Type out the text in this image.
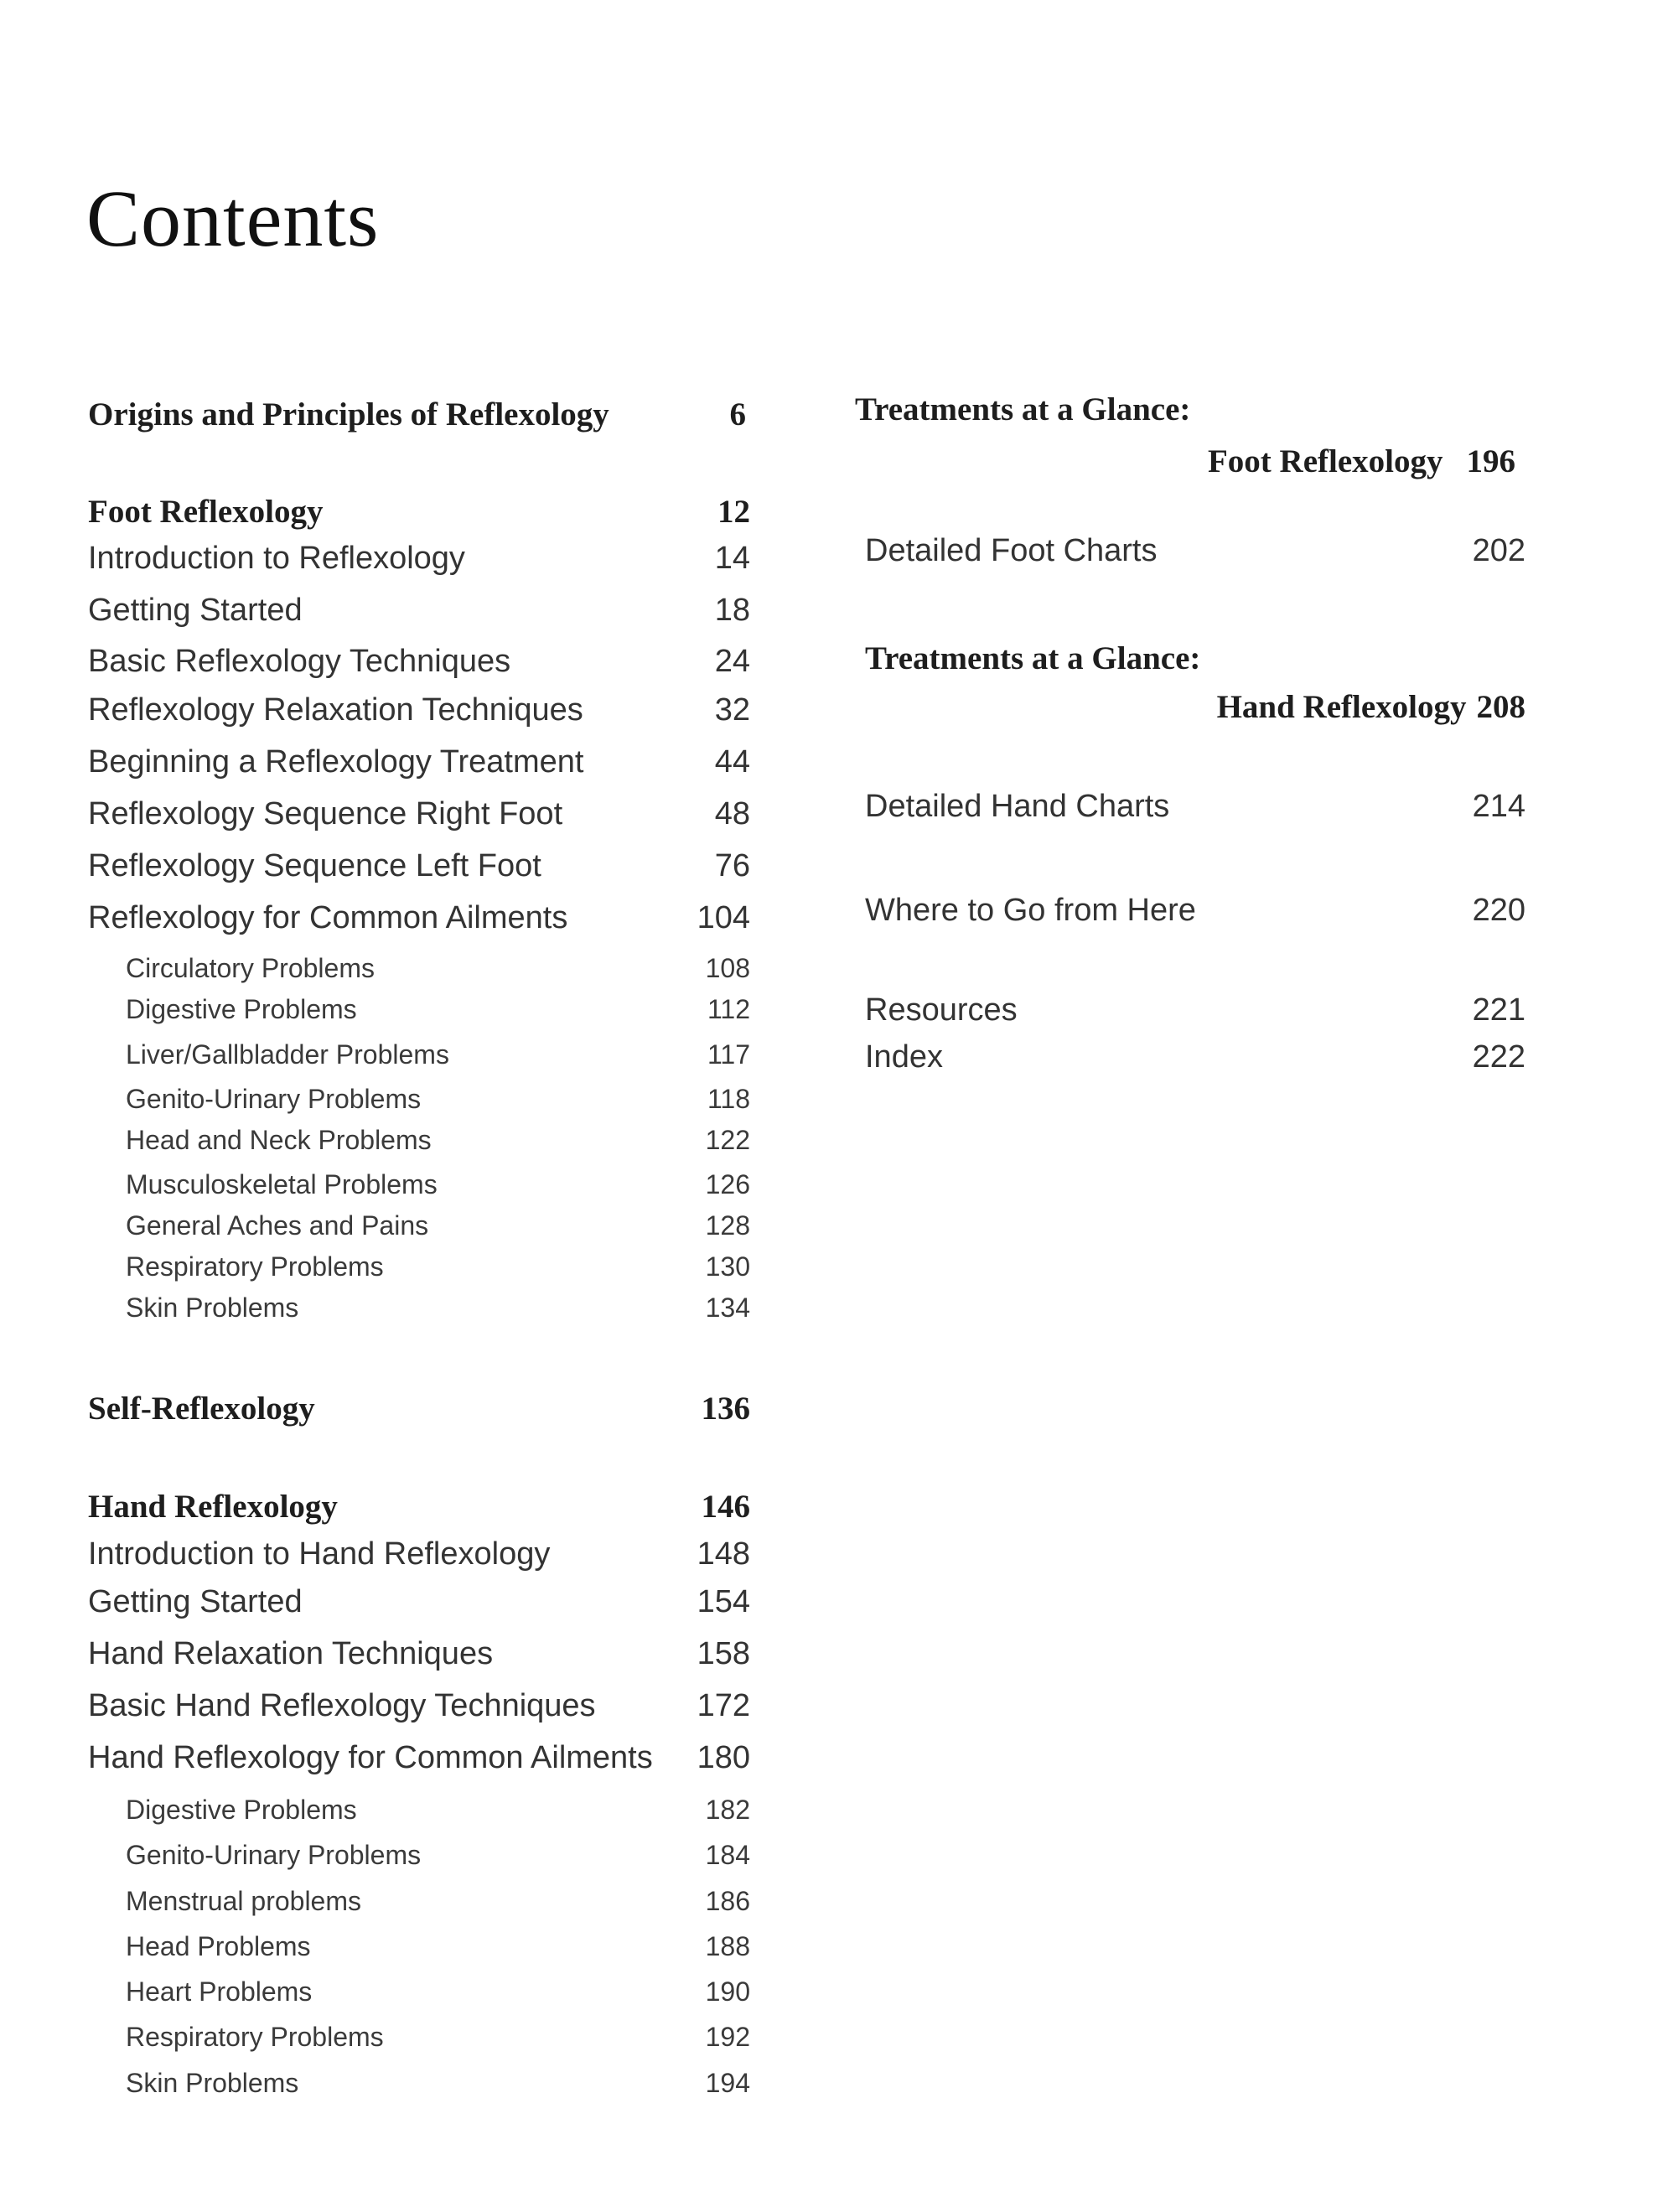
Contents
Origins and Principles of Reflexology	6
Foot Reflexology	12
Introduction to Reflexology	14
Getting Started	18
Basic Reflexology Techniques	24
Reflexology Relaxation Techniques	32
Beginning a Reflexology Treatment	44
Reflexology Sequence Right Foot	48
Reflexology Sequence Left Foot	76
Reflexology for Common Ailments	104
Circulatory Problems	108
Digestive Problems	112
Liver/Gallbladder Problems	117
Genito-Urinary Problems	118
Head and Neck Problems	122
Musculoskeletal Problems	126
General Aches and Pains	128
Respiratory Problems	130
Skin Problems	134
Self-Reflexology	136
Hand Reflexology	146
Introduction to Hand Reflexology	148
Getting Started	154
Hand Relaxation Techniques	158
Basic Hand Reflexology Techniques	172
Hand Reflexology for Common Ailments 180
Digestive Problems	182
Genito-Urinary Problems	184
Menstrual problems	186
Head Problems	188
Heart Problems	190
Respiratory Problems	192
Skin Problems	194
Treatments at a Glance:
Foot Reflexology 196
Detailed Foot Charts	202
Treatments at a Glance:
Hand Reflexology 208
Detailed Hand Charts	214
Where to Go from Here	220
Resources	221
Index	222
